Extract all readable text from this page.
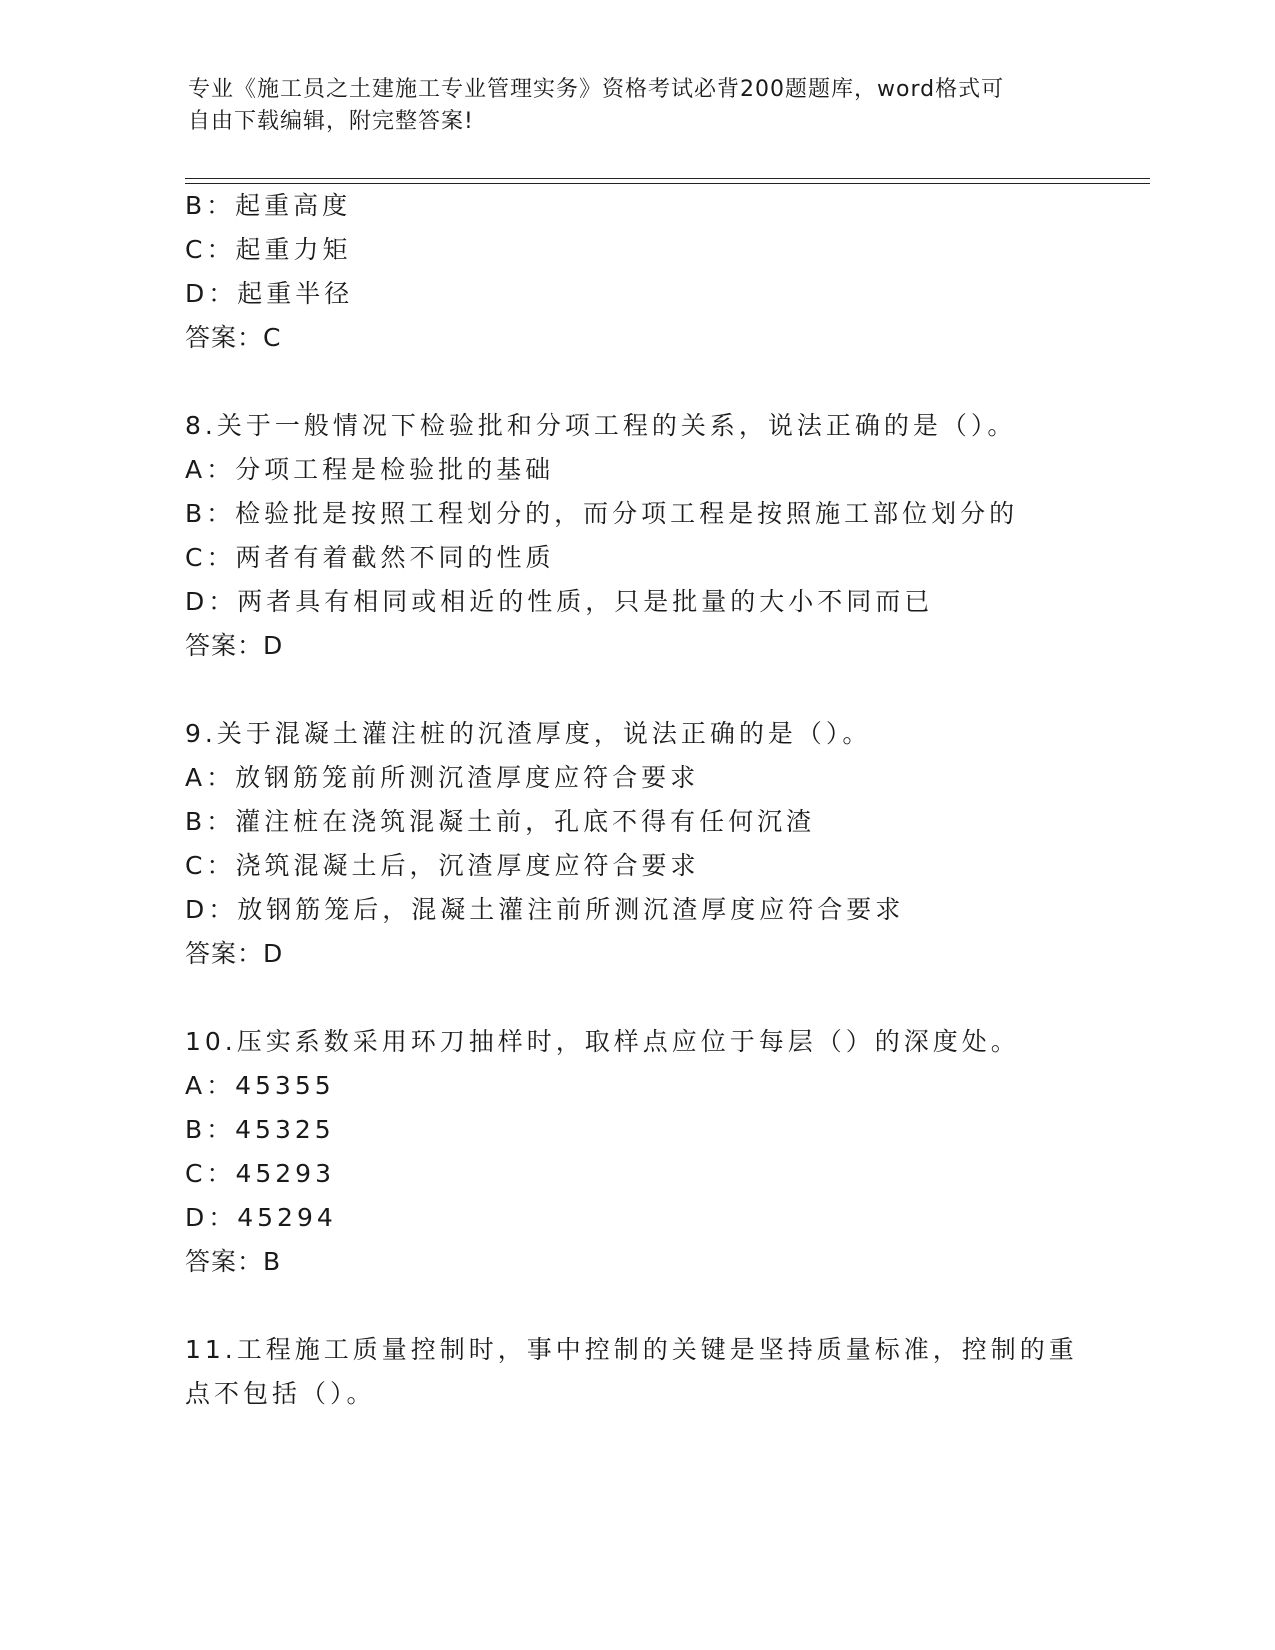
专业《施工员之土建施工专业管理实务》资格考试必背200题题库，word格式可
自由下载编辑，附完整答案!
B：起重高度
C：起重力矩
D：起重半径
答案：C
8.关于一般情况下检验批和分项工程的关系，说法正确的是（）。
A：分项工程是检验批的基础
B：检验批是按照工程划分的，而分项工程是按照施工部位划分的
C：两者有着截然不同的性质
D：两者具有相同或相近的性质，只是批量的大小不同而已
答案：D
9.关于混凝土灌注桩的沉渣厚度，说法正确的是（）。
A：放钢筋笼前所测沉渣厚度应符合要求
B：灌注桩在浇筑混凝土前，孔底不得有任何沉渣
C：浇筑混凝土后，沉渣厚度应符合要求
D：放钢筋笼后，混凝土灌注前所测沉渣厚度应符合要求
答案：D
10.压实系数采用环刀抽样时，取样点应位于每层（）的深度处。
A：45355
B：45325
C：45293
D：45294
答案：B
11.工程施工质量控制时，事中控制的关键是坚持质量标准，控制的重
点不包括（）。
